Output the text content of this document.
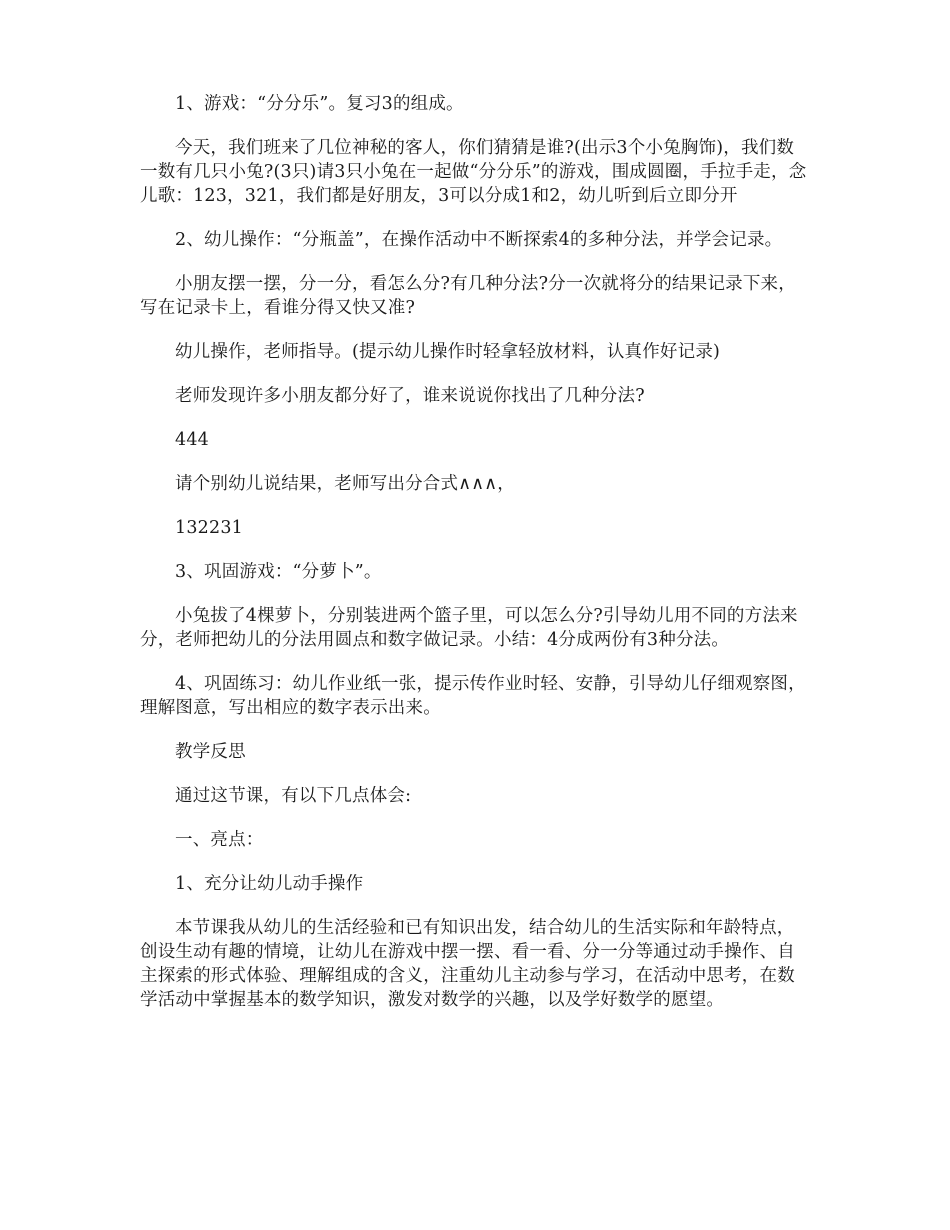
1、游戏：“分分乐”。复习3的组成。

今天，我们班来了几位神秘的客人，你们猜猜是谁?(出示3个小兔胸饰)，我们数一数有几只小兔?(3只)请3只小兔在一起做“分分乐”的游戏，围成圆圈，手拉手走，念儿歌：123，321，我们都是好朋友，3可以分成1和2，幼儿听到后立即分开

2、幼儿操作：“分瓶盖”，在操作活动中不断探索4的多种分法，并学会记录。

小朋友摆一摆，分一分，看怎么分?有几种分法?分一次就将分的结果记录下来，写在记录卡上，看谁分得又快又准?

幼儿操作，老师指导。(提示幼儿操作时轻拿轻放材料，认真作好记录)

老师发现许多小朋友都分好了，谁来说说你找出了几种分法?

444

请个别幼儿说结果，老师写出分合式∧∧∧，

132231

3、巩固游戏：“分萝卜”。

小兔拔了4棵萝卜，分别装进两个篮子里，可以怎么分?引导幼儿用不同的方法来分，老师把幼儿的分法用圆点和数字做记录。小结：4分成两份有3种分法。

4、巩固练习：幼儿作业纸一张，提示传作业时轻、安静，引导幼儿仔细观察图，理解图意，写出相应的数字表示出来。

教学反思

通过这节课，有以下几点体会:

一、亮点：

1、充分让幼儿动手操作

本节课我从幼儿的生活经验和已有知识出发，结合幼儿的生活实际和年龄特点，创设生动有趣的情境，让幼儿在游戏中摆一摆、看一看、分一分等通过动手操作、自主探索的形式体验、理解组成的含义，注重幼儿主动参与学习，在活动中思考，在数学活动中掌握基本的数学知识，激发对数学的兴趣，以及学好数学的愿望。
